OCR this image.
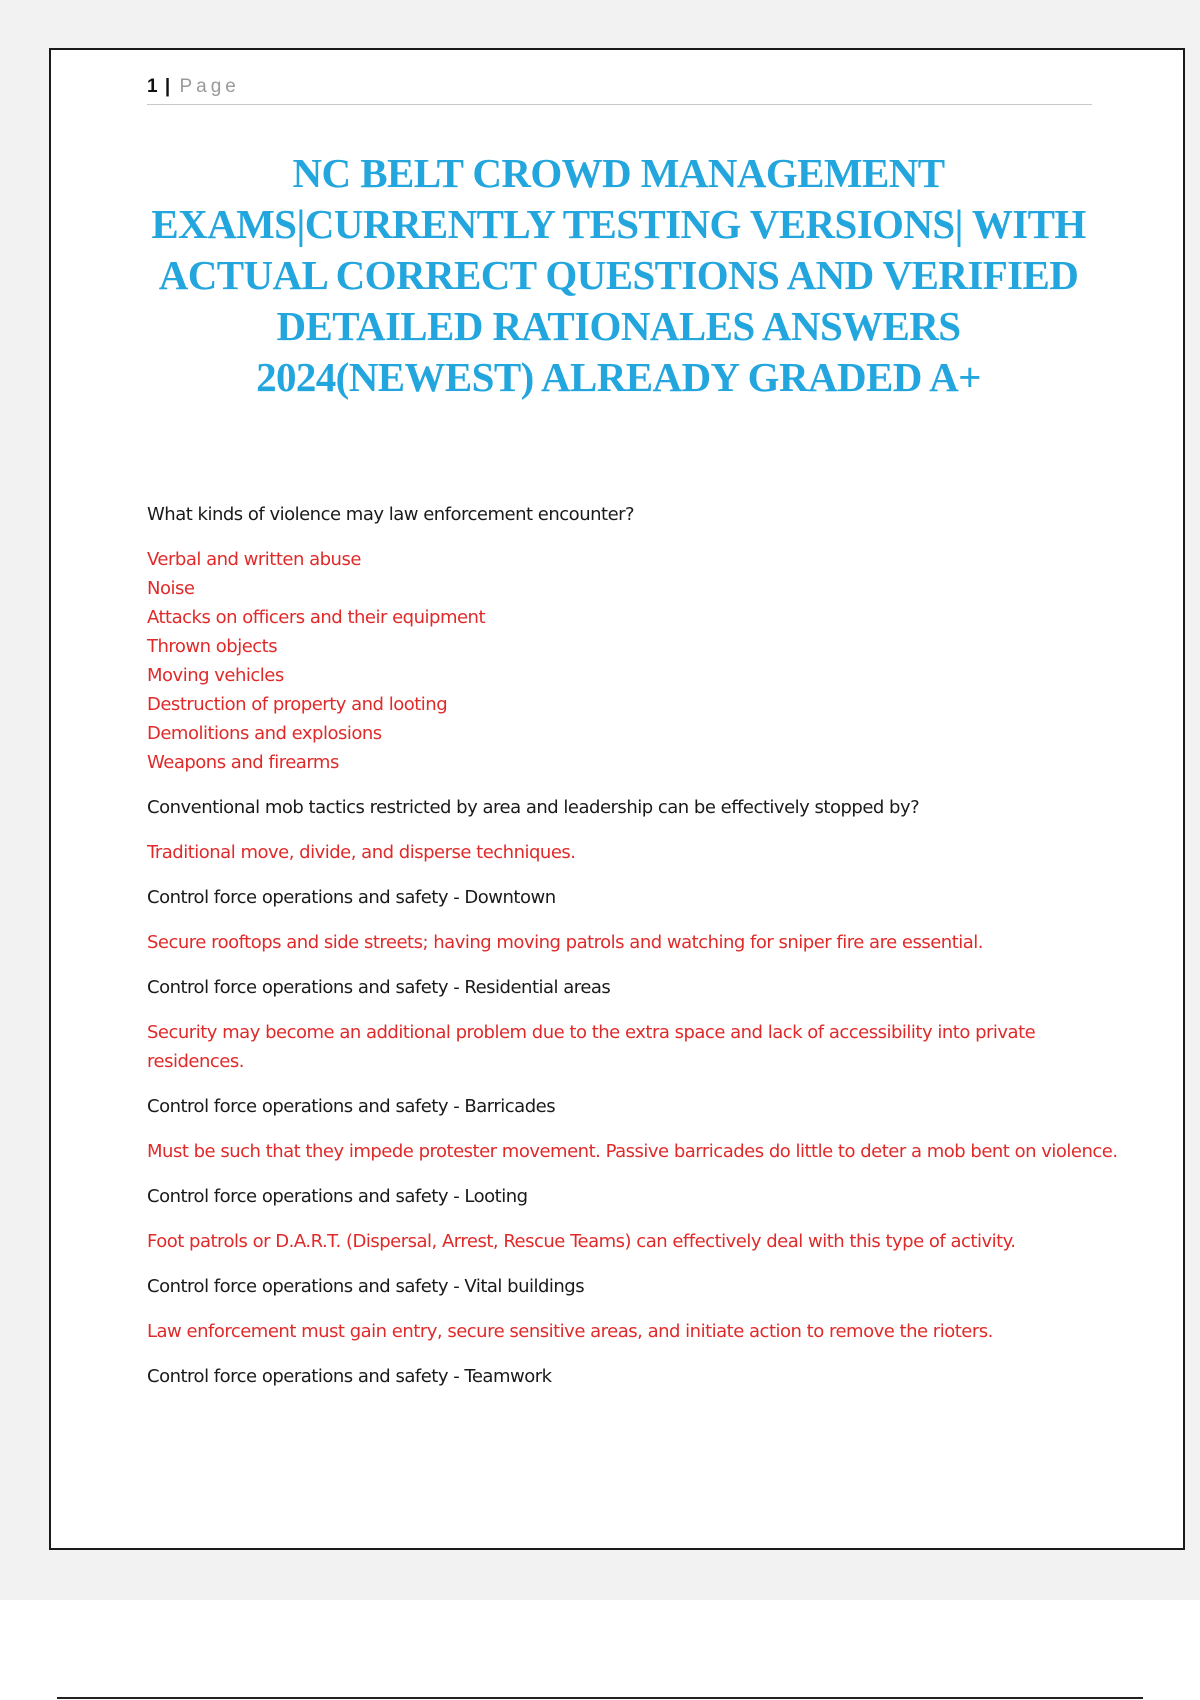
1 | Page
NC BELT CROWD MANAGEMENT EXAMS|CURRENTLY TESTING VERSIONS| WITH ACTUAL CORRECT QUESTIONS AND VERIFIED DETAILED RATIONALES ANSWERS 2024(NEWEST) ALREADY GRADED A+

What kinds of violence may law enforcement encounter?

Verbal and written abuse
Noise
Attacks on officers and their equipment
Thrown objects
Moving vehicles
Destruction of property and looting
Demolitions and explosions
Weapons and firearms

Conventional mob tactics restricted by area and leadership can be effectively stopped by?

Traditional move, divide, and disperse techniques.

Control force operations and safety - Downtown

Secure rooftops and side streets; having moving patrols and watching for sniper fire are essential.

Control force operations and safety - Residential areas

Security may become an additional problem due to the extra space and lack of accessibility into private residences.

Control force operations and safety - Barricades

Must be such that they impede protester movement. Passive barricades do little to deter a mob bent on violence.

Control force operations and safety - Looting

Foot patrols or D.A.R.T. (Dispersal, Arrest, Rescue Teams) can effectively deal with this type of activity.

Control force operations and safety - Vital buildings

Law enforcement must gain entry, secure sensitive areas, and initiate action to remove the rioters.

Control force operations and safety - Teamwork
